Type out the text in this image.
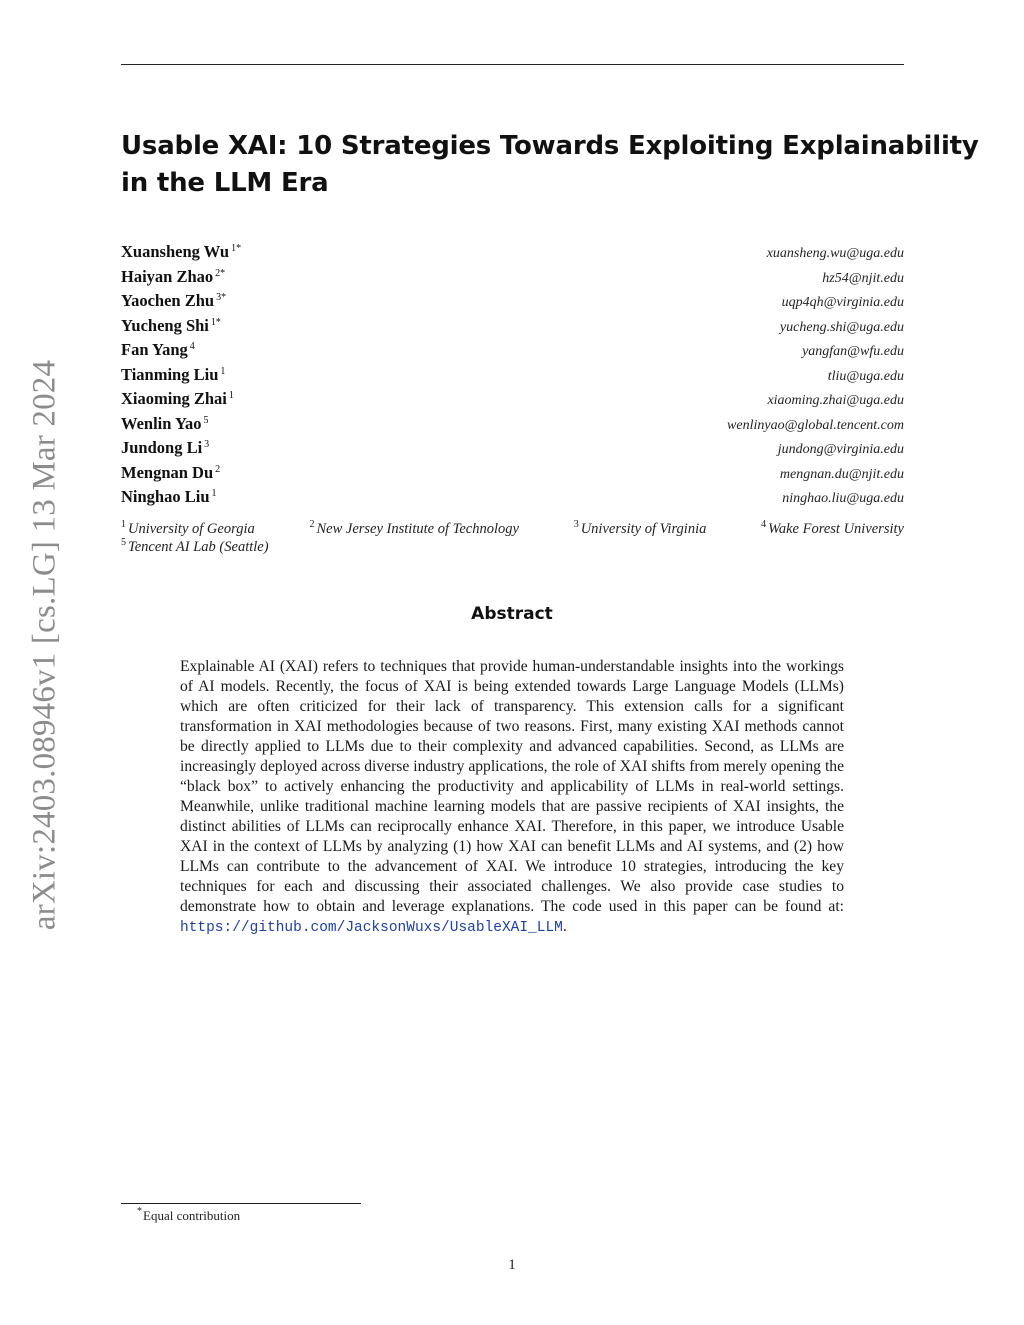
Usable XAI: 10 Strategies Towards Exploiting Explainability
in the LLM Era
arXiv:2403.08946v1 [cs.LG] 13 Mar 2024
Xuansheng Wu $^{1*}$	xuansheng.wu@uga.edu
Haiyan Zhao $^{2*}$	hz54@njit.edu
Yaochen Zhu $^{3*}$	uqp4qh@virginia.edu
Yucheng Shi $^{1*}$	yucheng.shi@uga.edu
Fan Yang $^4$	yangfan@wfu.edu
Tianming Liu $^1$	tliu@uga.edu
Xiaoming Zhai $^1$	xiaoming.zhai@uga.edu
Wenlin Yao $^5$	wenlinyao@global.tencent.com
Jundong Li $^3$	jundong@virginia.edu
Mengnan Du $^2$	mengnan.du@njit.edu
Ninghao Liu $^1$	ninghao.liu@uga.edu
$^1$ University of Georgia	$^2$ New Jersey Institute of Technology	$^3$ University of Virginia	$^4$ Wake Forest University
$^5$ Tencent AI Lab (Seattle)
Abstract

Explainable AI (XAI) refers to techniques that provide human-understandable insights into the workings of AI models. Recently, the focus of XAI is being extended towards Large Language Models (LLMs) which are often criticized for their lack of transparency. This extension calls for a significant transformation in XAI methodologies because of two reasons. First, many existing XAI methods cannot be directly applied to LLMs due to their complexity and advanced capabilities. Second, as LLMs are increasingly deployed across diverse industry applications, the role of XAI shifts from merely opening the “black box” to actively enhancing the productivity and applicability of LLMs in real-world settings. Meanwhile, unlike traditional machine learning models that are passive recipients of XAI insights, the distinct abilities of LLMs can reciprocally enhance XAI. Therefore, in this paper, we introduce Usable XAI in the context of LLMs by analyzing (1) how XAI can benefit LLMs and AI systems, and (2) how LLMs can contribute to the advancement of XAI. We introduce 10 strategies, introducing the key techniques for each and discussing their associated challenges. We also provide case studies to demonstrate how to obtain and leverage explanations. The code used in this paper can be found at: https://github.com/JacksonWuxs/UsableXAI_LLM.

*Equal contribution
1
